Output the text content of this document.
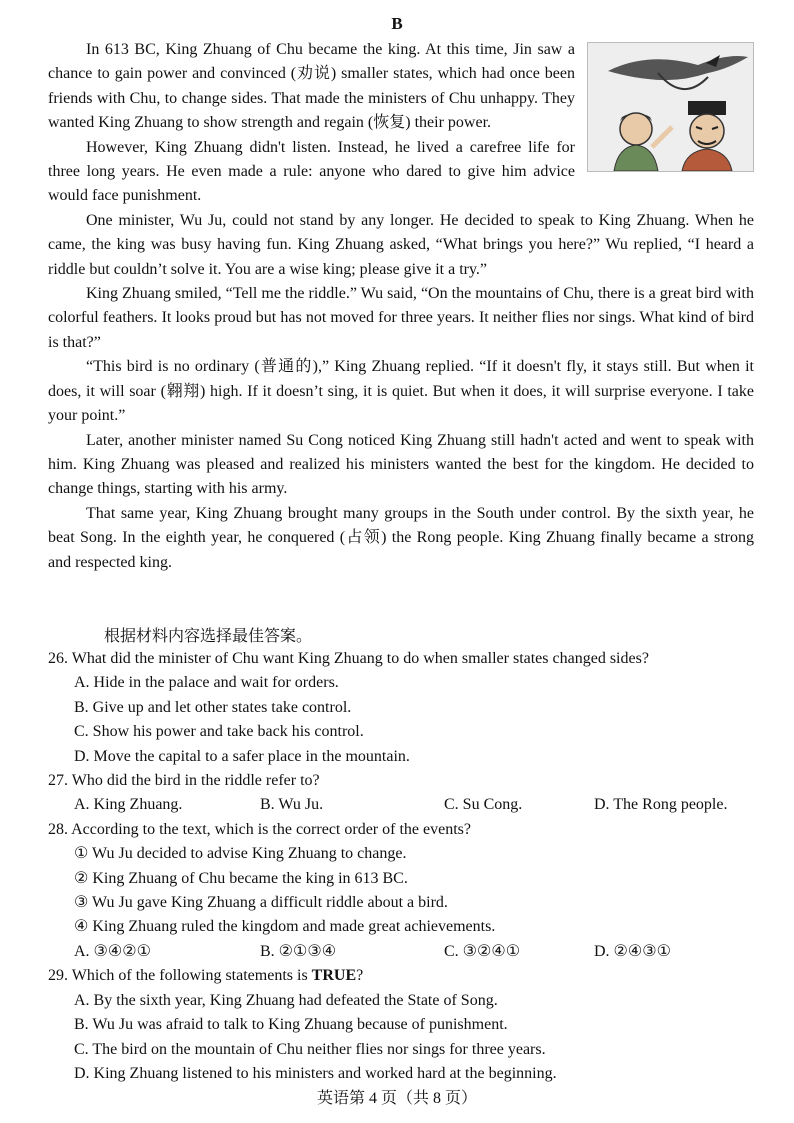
B

In 613 BC, King Zhuang of Chu became the king. At this time, Jin saw a chance to gain power and convinced (劝说) smaller states, which had once been friends with Chu, to change sides. That made the ministers of Chu unhappy. They wanted King Zhuang to show strength and regain (恢复) their power.

However, King Zhuang didn't listen. Instead, he lived a carefree life for three long years. He even made a rule: anyone who dared to give him advice would face punishment.

One minister, Wu Ju, could not stand by any longer. He decided to speak to King Zhuang. When he came, the king was busy having fun. King Zhuang asked, “What brings you here?” Wu replied, “I heard a riddle but couldn’t solve it. You are a wise king; please give it a try.”

King Zhuang smiled, “Tell me the riddle.” Wu said, “On the mountains of Chu, there is a great bird with colorful feathers. It looks proud but has not moved for three years. It neither flies nor sings. What kind of bird is that?”

“This bird is no ordinary (普通的),” King Zhuang replied. “If it doesn't fly, it stays still. But when it does, it will soar (翱翔) high. If it doesn’t sing, it is quiet. But when it does, it will surprise everyone. I take your point.”

Later, another minister named Su Cong noticed King Zhuang still hadn't acted and went to speak with him. King Zhuang was pleased and realized his ministers wanted the best for the kingdom. He decided to change things, starting with his army.

That same year, King Zhuang brought many groups in the South under control. By the sixth year, he beat Song. In the eighth year, he conquered (占领) the Rong people. King Zhuang finally became a strong and respected king.

根据材料内容选择最佳答案。

26. What did the minister of Chu want King Zhuang to do when smaller states changed sides?

A. Hide in the palace and wait for orders.

B. Give up and let other states take control.

C. Show his power and take back his control.

D. Move the capital to a safer place in the mountain.

27. Who did the bird in the riddle refer to?

A. King Zhuang.	B. Wu Ju.	C. Su Cong.	D. The Rong people.

28. According to the text, which is the correct order of the events?

① Wu Ju decided to advise King Zhuang to change.

② King Zhuang of Chu became the king in 613 BC.

③ Wu Ju gave King Zhuang a difficult riddle about a bird.

④ King Zhuang ruled the kingdom and made great achievements.

A. ③④②①	B. ②①③④	C. ③②④①	D. ②④③①

29. Which of the following statements is TRUE?

A. By the sixth year, King Zhuang had defeated the State of Song.

B. Wu Ju was afraid to talk to King Zhuang because of punishment.

C. The bird on the mountain of Chu neither flies nor sings for three years.

D. King Zhuang listened to his ministers and worked hard at the beginning.

英语第 4 页（共 8 页）
